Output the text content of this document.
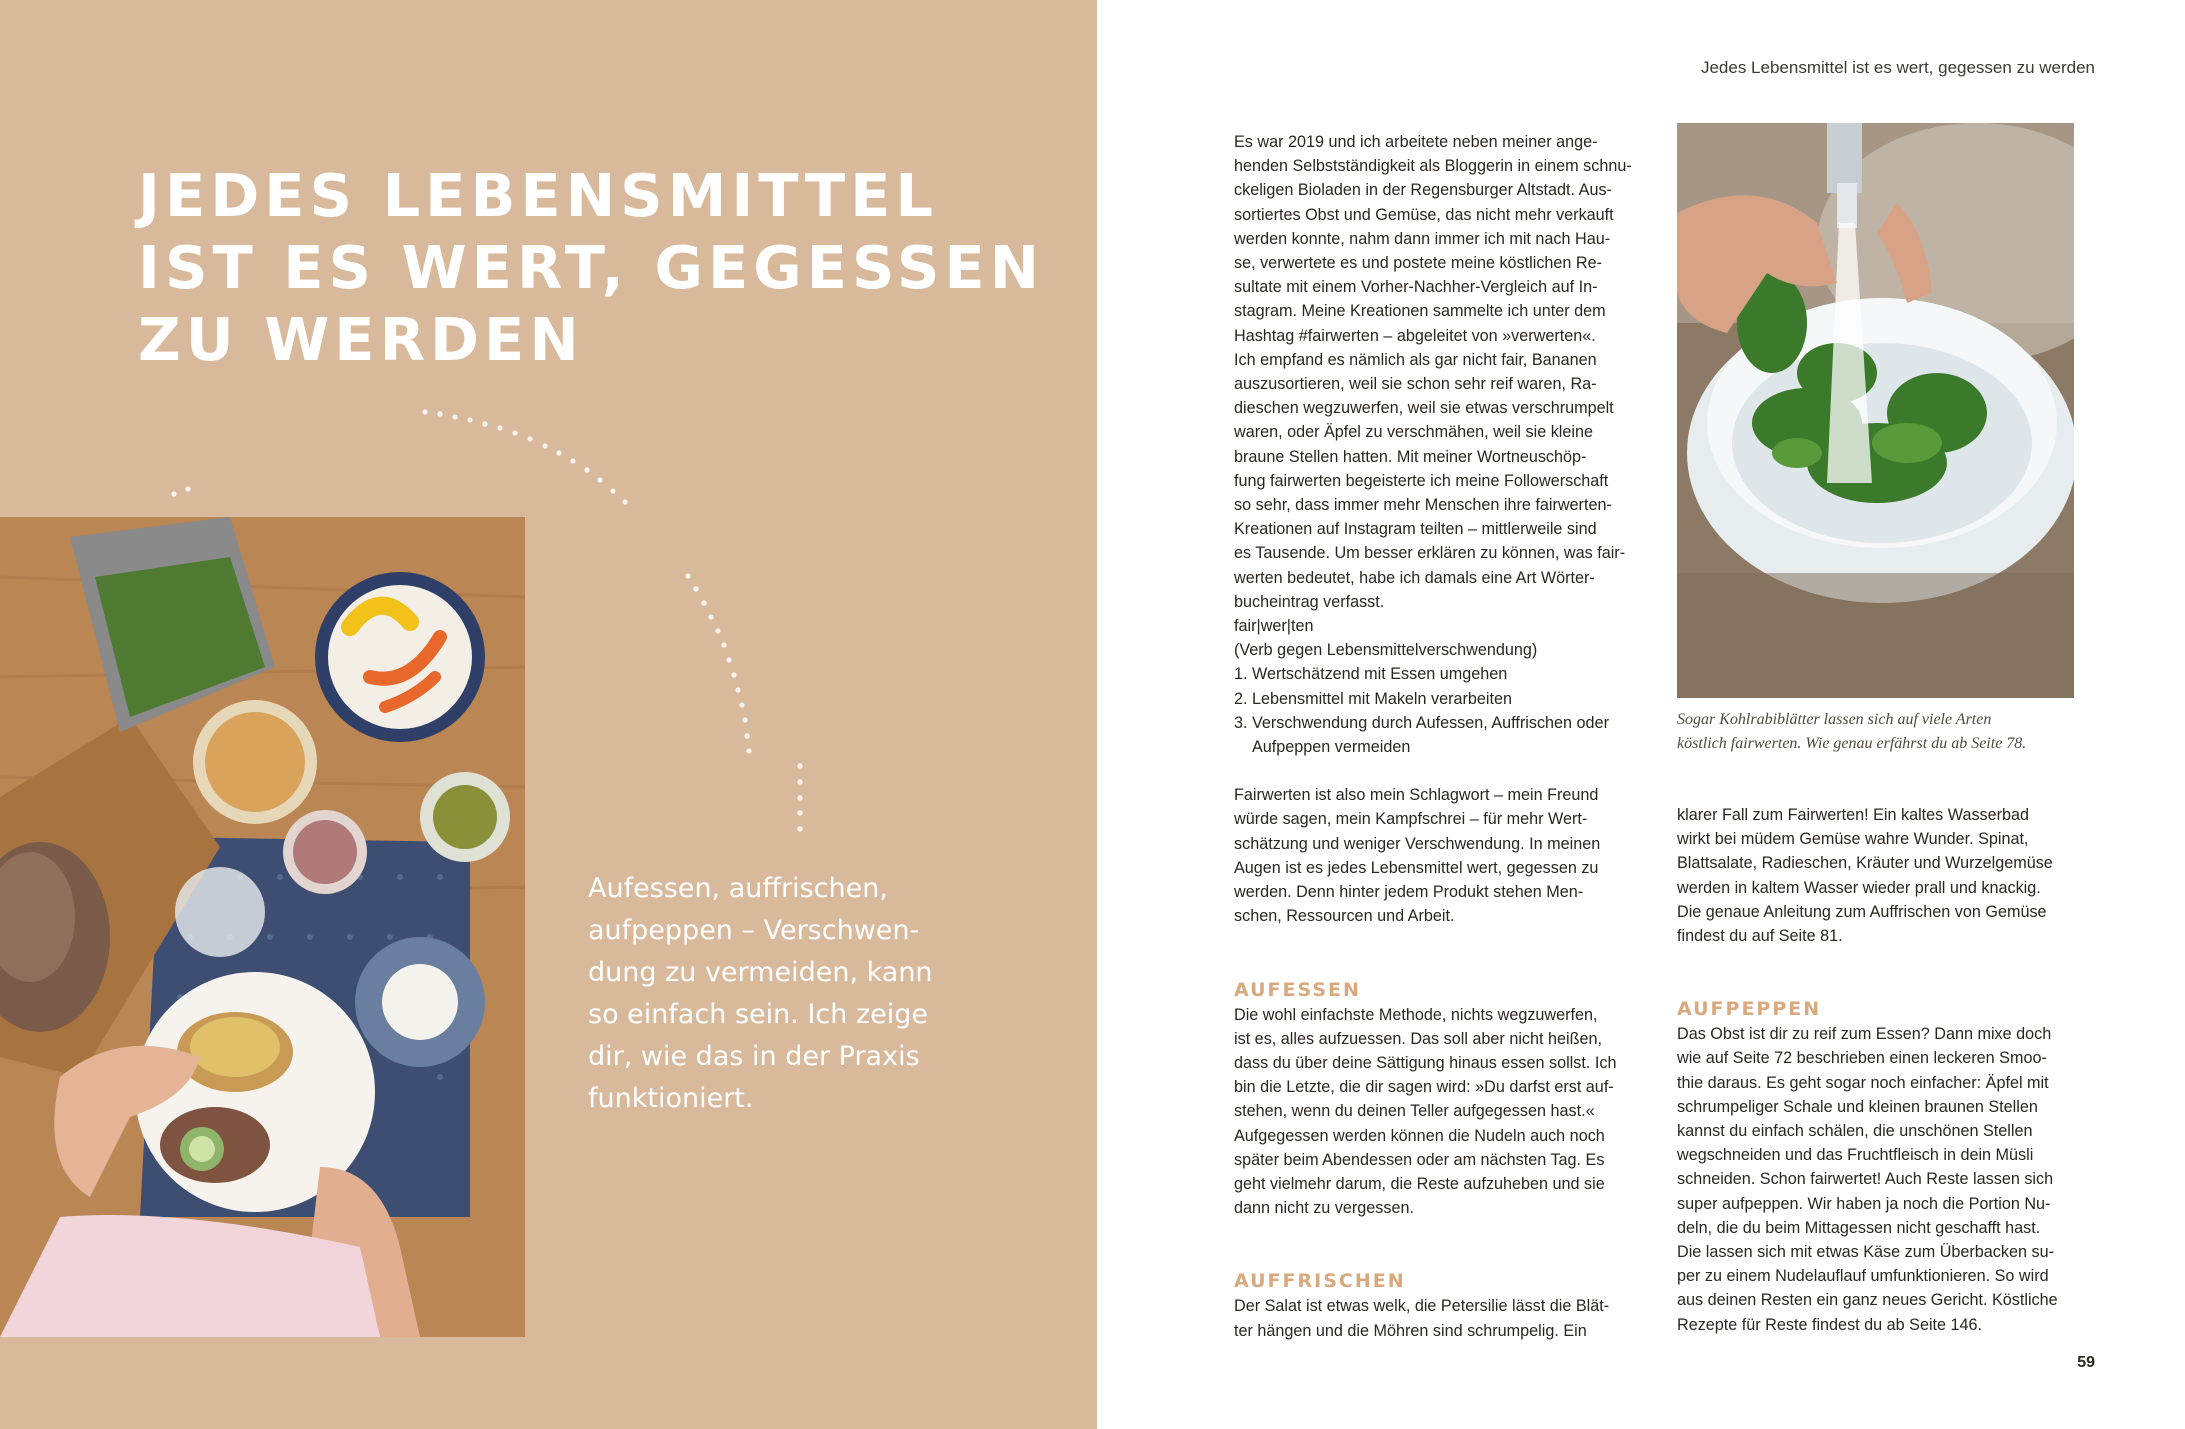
JEDES LEBENSMITTEL
IST ES WERT, GEGESSEN
ZU WERDEN

Aufessen, auffrischen,
aufpeppen – Verschwen-
dung zu vermeiden, kann
so einfach sein. Ich zeige
dir, wie das in der Praxis
funktioniert.

Jedes Lebensmittel ist es wert, gegessen zu werden
Es war 2019 und ich arbeitete neben meiner ange-
henden Selbstständigkeit als Bloggerin in einem schnu-
ckeligen Bioladen in der Regensburger Altstadt. Aus-
sortiertes Obst und Gemüse, das nicht mehr verkauft
werden konnte, nahm dann immer ich mit nach Hau-
se, verwertete es und postete meine köstlichen Re-
sultate mit einem Vorher-Nachher-Vergleich auf In-
stagram. Meine Kreationen sammelte ich unter dem
Hashtag #fairwerten – abgeleitet von »verwerten«.
Ich empfand es nämlich als gar nicht fair, Bananen
auszusortieren, weil sie schon sehr reif waren, Ra-
dieschen wegzuwerfen, weil sie etwas verschrumpelt
waren, oder Äpfel zu verschmähen, weil sie kleine
braune Stellen hatten. Mit meiner Wortneuschöp-
fung fairwerten begeisterte ich meine Followerschaft
so sehr, dass immer mehr Menschen ihre fairwerten-
Kreationen auf Instagram teilten – mittlerweile sind
es Tausende. Um besser erklären zu können, was fair-
werten bedeutet, habe ich damals eine Art Wörter-
bucheintrag verfasst.
fair|wer|ten
(Verb gegen Lebensmittelverschwendung)
1. Wertschätzend mit Essen umgehen
2. Lebensmittel mit Makeln verarbeiten
3. Verschwendung durch Aufessen, Auffrischen oder Aufpeppen vermeiden
Fairwerten ist also mein Schlagwort – mein Freund
würde sagen, mein Kampfschrei – für mehr Wert-
schätzung und weniger Verschwendung. In meinen
Augen ist es jedes Lebensmittel wert, gegessen zu
werden. Denn hinter jedem Produkt stehen Men-
schen, Ressourcen und Arbeit.
AUFESSEN
Die wohl einfachste Methode, nichts wegzuwerfen,
ist es, alles aufzuessen. Das soll aber nicht heißen,
dass du über deine Sättigung hinaus essen sollst. Ich
bin die Letzte, die dir sagen wird: »Du darfst erst auf-
stehen, wenn du deinen Teller aufgegessen hast.«
Aufgegessen werden können die Nudeln auch noch
später beim Abendessen oder am nächsten Tag. Es
geht vielmehr darum, die Reste aufzuheben und sie
dann nicht zu vergessen.
AUFFRISCHEN
Der Salat ist etwas welk, die Petersilie lässt die Blät-
ter hängen und die Möhren sind schrumpelig. Ein

Sogar Kohlrabiblätter lassen sich auf viele Arten
köstlich fairwerten. Wie genau erfährst du ab Seite 78.

klarer Fall zum Fairwerten! Ein kaltes Wasserbad
wirkt bei müdem Gemüse wahre Wunder. Spinat,
Blattsalate, Radieschen, Kräuter und Wurzelgemüse
werden in kaltem Wasser wieder prall und knackig.
Die genaue Anleitung zum Auffrischen von Gemüse
findest du auf Seite 81.
AUFPEPPEN
Das Obst ist dir zu reif zum Essen? Dann mixe doch
wie auf Seite 72 beschrieben einen leckeren Smoo-
thie daraus. Es geht sogar noch einfacher: Äpfel mit
schrumpeliger Schale und kleinen braunen Stellen
kannst du einfach schälen, die unschönen Stellen
wegschneiden und das Fruchtfleisch in dein Müsli
schneiden. Schon fairwertet! Auch Reste lassen sich
super aufpeppen. Wir haben ja noch die Portion Nu-
deln, die du beim Mittagessen nicht geschafft hast.
Die lassen sich mit etwas Käse zum Überbacken su-
per zu einem Nudelauflauf umfunktionieren. So wird
aus deinen Resten ein ganz neues Gericht. Köstliche
Rezepte für Reste findest du ab Seite 146.
59
